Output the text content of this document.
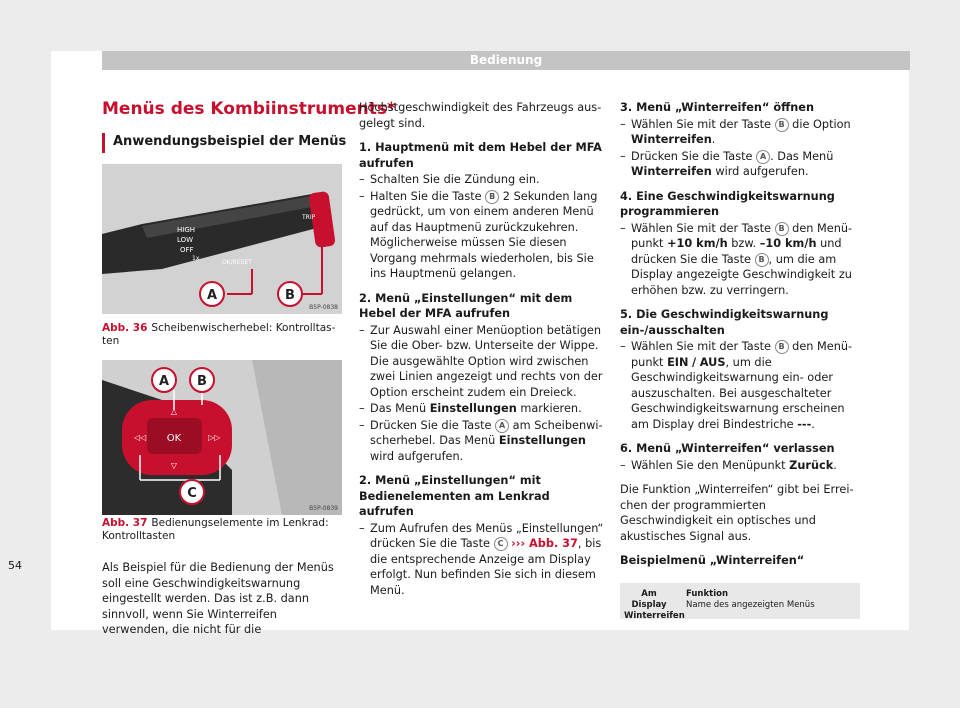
Bedienung
Menüs des Kombiinstruments*
Anwendungsbeispiel der Menüs
HIGH
LOW
OFF
1x
OK/RESET
TRIP
A	B
B5P-0838
Abb. 36 Scheibenwischerhebel: Kontrolltasten
OK
△
▽
◁◁	▷▷
A B
C
B5P-0839
Abb. 37 Bedienungselemente im Lenkrad: Kontrolltasten
Als Beispiel für die Bedienung der Menüs soll eine Geschwindigkeitswarnung eingestellt werden. Das ist z.B. dann sinnvoll, wenn Sie Winterreifen verwenden, die nicht für die

Höchstgeschwindigkeit des Fahrzeugs ausgelegt sind.

1. Hauptmenü mit dem Hebel der MFA aufrufen

– Schalten Sie die Zündung ein.

– Halten Sie die Taste B 2 Sekunden lang gedrückt, um von einem anderen Menü auf das Hauptmenü zurückzukehren. Möglicherweise müssen Sie diesen Vorgang mehrmals wiederholen, bis Sie ins Hauptmenü gelangen.

2. Menü „Einstellungen“ mit dem Hebel der MFA aufrufen

– Zur Auswahl einer Menüoption betätigen Sie die Ober- bzw. Unterseite der Wippe. Die ausgewählte Option wird zwischen zwei Linien angezeigt und rechts von der Option erscheint zudem ein Dreieck.

– Das Menü Einstellungen markieren.

– Drücken Sie die Taste A am Scheibenwischerhebel. Das Menü Einstellungen wird aufgerufen.

2. Menü „Einstellungen“ mit Bedienelementen am Lenkrad aufrufen

– Zum Aufrufen des Menüs „Einstellungen“ drücken Sie die Taste C ››› Abb. 37, bis die entsprechende Anzeige am Display erfolgt. Nun befinden Sie sich in diesem Menü.

3. Menü „Winterreifen“ öffnen

– Wählen Sie mit der Taste B die Option Winterreifen.

– Drücken Sie die Taste A . Das Menü Winterreifen wird aufgerufen.

4. Eine Geschwindigkeitswarnung programmieren

– Wählen Sie mit der Taste B den Menüpunkt +10 km/h bzw. –10 km/h und drücken Sie die Taste B , um die am Display angezeigte Geschwindigkeit zu erhöhen bzw. zu verringern.

5. Die Geschwindigkeitswarnung ein-/ausschalten

– Wählen Sie mit der Taste B den Menüpunkt EIN / AUS, um die Geschwindigkeitswarnung ein- oder auszuschalten. Bei ausgeschalteter Geschwindigkeitswarnung erscheinen am Display drei Bindestriche ---.

6. Menü „Winterreifen“ verlassen

– Wählen Sie den Menüpunkt Zurück.

Die Funktion „Winterreifen“ gibt bei Erreichen der programmierten Geschwindigkeit ein optisches und akustisches Signal aus.

Beispielmenü „Winterreifen“

Am Display
Winterreifen
Funktion
Name des angezeigten Menüs
54
